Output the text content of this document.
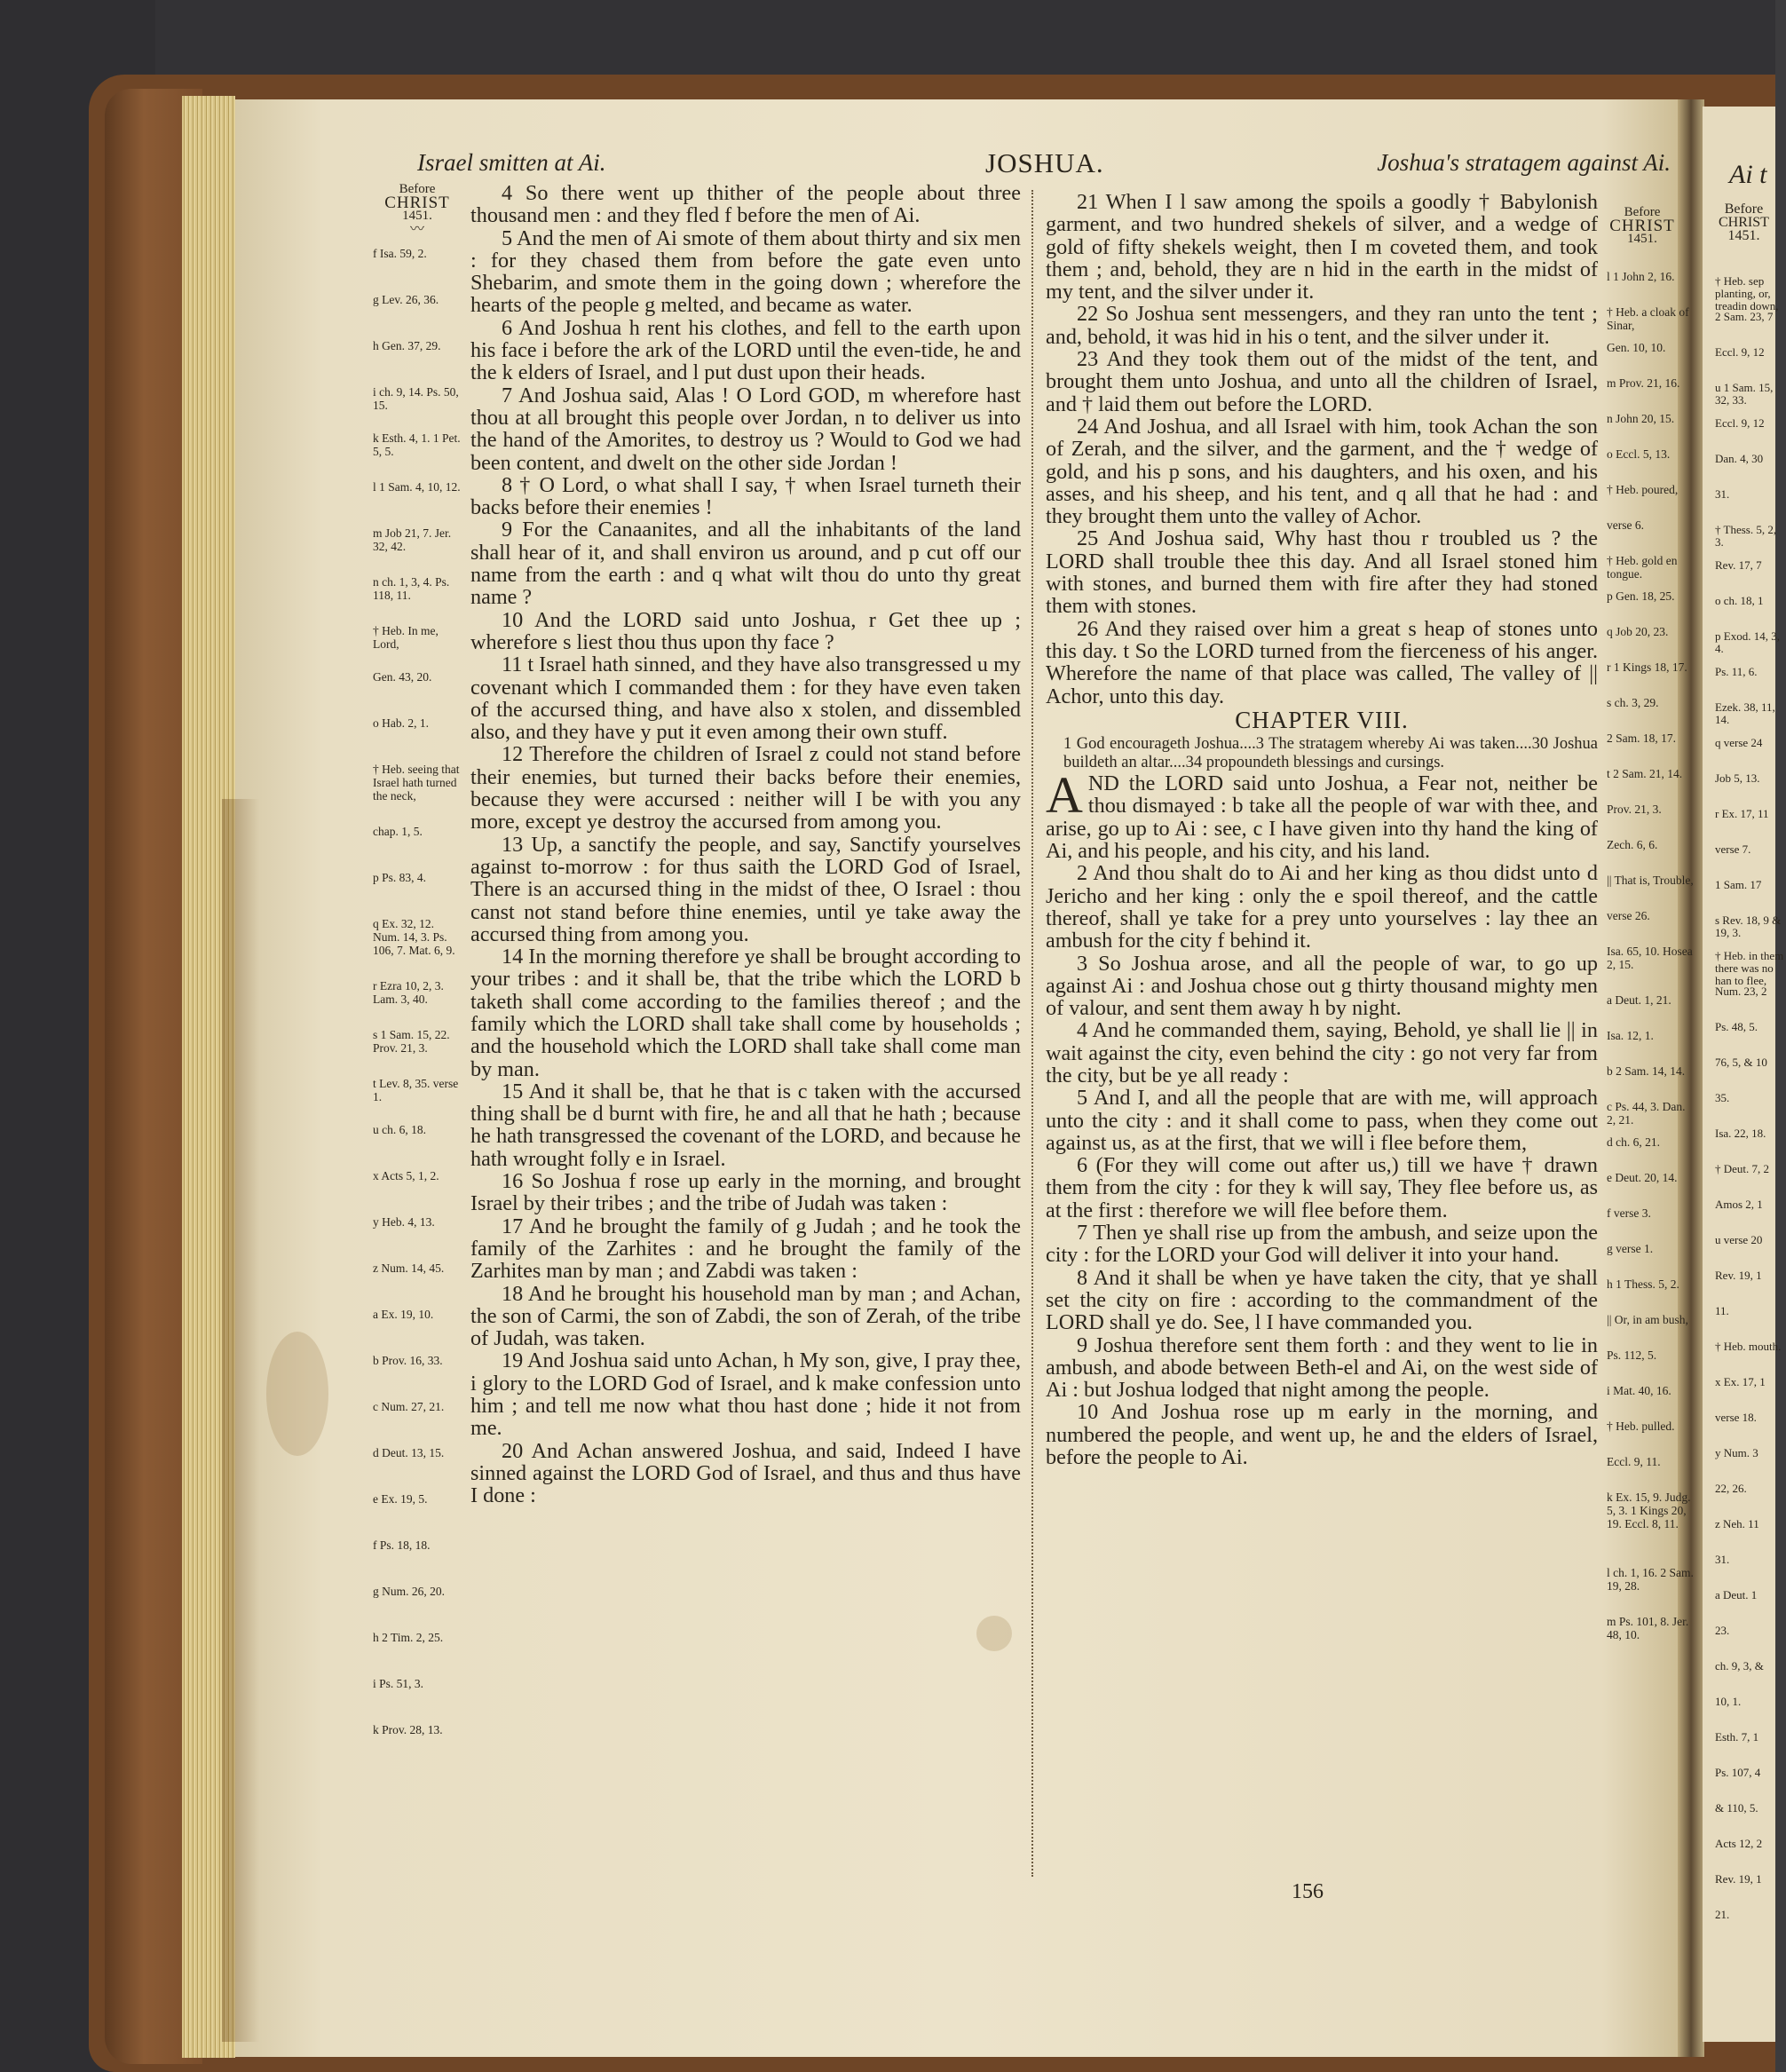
Israel smitten at Ai.	JOSHUA.	Joshua's stratagem against Ai.
Before
CHRIST
1451.
〰
f Isa. 59, 2.
g Lev. 26, 36.
h Gen. 37, 29.
i ch. 9, 14. Ps. 50, 15.
k Esth. 4, 1. 1 Pet. 5, 5.
l 1 Sam. 4, 10, 12.
m Job 21, 7. Jer. 32, 42.
n ch. 1, 3, 4. Ps. 118, 11.
† Heb. In me, Lord,
Gen. 43, 20.
o Hab. 2, 1.
† Heb. seeing that Israel hath turned the neck,
chap. 1, 5.
p Ps. 83, 4.
q Ex. 32, 12. Num. 14, 3. Ps. 106, 7. Mat. 6, 9.
r Ezra 10, 2, 3. Lam. 3, 40.
s 1 Sam. 15, 22. Prov. 21, 3.
t Lev. 8, 35. verse 1.
u ch. 6, 18.
x Acts 5, 1, 2.
y Heb. 4, 13.
z Num. 14, 45.
a Ex. 19, 10.
b Prov. 16, 33.
c Num. 27, 21.
d Deut. 13, 15.
e Ex. 19, 5.
f Ps. 18, 18.
g Num. 26, 20.
h 2 Tim. 2, 25.
i Ps. 51, 3.
k Prov. 28, 13.
Before
CHRIST
1451.
l 1 John 2, 16.
† Heb. a cloak of Sinar,
Gen. 10, 10.
m Prov. 21, 16.
n John 20, 15.
o Eccl. 5, 13.
† Heb. poured,
verse 6.
† Heb. gold en tongue.
p Gen. 18, 25.
q Job 20, 23.
r 1 Kings 18, 17.
s ch. 3, 29.
2 Sam. 18, 17.
t 2 Sam. 21, 14.
Prov. 21, 3.
Zech. 6, 6.
|| That is, Trouble,
verse 26.
Isa. 65, 10. Hosea 2, 15.
a Deut. 1, 21.
Isa. 12, 1.
b 2 Sam. 14, 14.
c Ps. 44, 3. Dan. 2, 21.
d ch. 6, 21.
e Deut. 20, 14.
f verse 3.
g verse 1.
h 1 Thess. 5, 2.
|| Or, in am bush,
Ps. 112, 5.
i Mat. 40, 16.
† Heb. pulled.
Eccl. 9, 11.
k Ex. 15, 9. Judg. 5, 3. 1 Kings 20, 19. Eccl. 8, 11.
l ch. 1, 16. 2 Sam. 19, 28.
m Ps. 101, 8. Jer. 48, 10.

4 So there went up thither of the people about three thousand men : and they fled f before the men of Ai.

5 And the men of Ai smote of them about thirty and six men : for they chased them from before the gate even unto Shebarim, and smote them in the going down ; wherefore the hearts of the people g melted, and became as water.

6 And Joshua h rent his clothes, and fell to the earth upon his face i before the ark of the LORD until the even-tide, he and the k elders of Israel, and l put dust upon their heads.

7 And Joshua said, Alas ! O Lord GOD, m wherefore hast thou at all brought this people over Jordan, n to deliver us into the hand of the Amorites, to destroy us ? Would to God we had been content, and dwelt on the other side Jordan !

8 † O Lord, o what shall I say, † when Israel turneth their backs before their enemies !

9 For the Canaanites, and all the inhabitants of the land shall hear of it, and shall environ us around, and p cut off our name from the earth : and q what wilt thou do unto thy great name ?

10 And the LORD said unto Joshua, r Get thee up ; wherefore s liest thou thus upon thy face ?

11 t Israel hath sinned, and they have also transgressed u my covenant which I commanded them : for they have even taken of the accursed thing, and have also x stolen, and dissembled also, and they have y put it even among their own stuff.

12 Therefore the children of Israel z could not stand before their enemies, but turned their backs before their enemies, because they were accursed : neither will I be with you any more, except ye destroy the accursed from among you.

13 Up, a sanctify the people, and say, Sanctify yourselves against to-morrow : for thus saith the LORD God of Israel, There is an accursed thing in the midst of thee, O Israel : thou canst not stand before thine enemies, until ye take away the accursed thing from among you.

14 In the morning therefore ye shall be brought according to your tribes : and it shall be, that the tribe which the LORD b taketh shall come according to the families thereof ; and the family which the LORD shall take shall come by households ; and the household which the LORD shall take shall come man by man.

15 And it shall be, that he that is c taken with the accursed thing shall be d burnt with fire, he and all that he hath ; because he hath transgressed the covenant of the LORD, and because he hath wrought folly e in Israel.

16 So Joshua f rose up early in the morning, and brought Israel by their tribes ; and the tribe of Judah was taken :

17 And he brought the family of g Judah ; and he took the family of the Zarhites : and he brought the family of the Zarhites man by man ; and Zabdi was taken :

18 And he brought his household man by man ; and Achan, the son of Carmi, the son of Zabdi, the son of Zerah, of the tribe of Judah, was taken.

19 And Joshua said unto Achan, h My son, give, I pray thee, i glory to the LORD God of Israel, and k make confession unto him ; and tell me now what thou hast done ; hide it not from me.

20 And Achan answered Joshua, and said, Indeed I have sinned against the LORD God of Israel, and thus and thus have I done :

21 When I l saw among the spoils a goodly † Babylonish garment, and two hundred shekels of silver, and a wedge of gold of fifty shekels weight, then I m coveted them, and took them ; and, behold, they are n hid in the earth in the midst of my tent, and the silver under it.

22 So Joshua sent messengers, and they ran unto the tent ; and, behold, it was hid in his o tent, and the silver under it.

23 And they took them out of the midst of the tent, and brought them unto Joshua, and unto all the children of Israel, and † laid them out before the LORD.

24 And Joshua, and all Israel with him, took Achan the son of Zerah, and the silver, and the garment, and the † wedge of gold, and his p sons, and his daughters, and his oxen, and his asses, and his sheep, and his tent, and q all that he had : and they brought them unto the valley of Achor.

25 And Joshua said, Why hast thou r troubled us ? the LORD shall trouble thee this day. And all Israel stoned him with stones, and burned them with fire after they had stoned them with stones.

26 And they raised over him a great s heap of stones unto this day. t So the LORD turned from the fierceness of his anger. Wherefore the name of that place was called, The valley of || Achor, unto this day.

CHAPTER VIII.

1 God encourageth Joshua....3 The stratagem whereby Ai was taken....30 Joshua buildeth an altar....34 propoundeth blessings and cursings.

AND the LORD said unto Joshua, a Fear not, neither be thou dismayed : b take all the people of war with thee, and arise, go up to Ai : see, c I have given into thy hand the king of Ai, and his people, and his city, and his land.

2 And thou shalt do to Ai and her king as thou didst unto d Jericho and her king : only the e spoil thereof, and the cattle thereof, shall ye take for a prey unto yourselves : lay thee an ambush for the city f behind it.

3 So Joshua arose, and all the people of war, to go up against Ai : and Joshua chose out g thirty thousand mighty men of valour, and sent them away h by night.

4 And he commanded them, saying, Behold, ye shall lie || in wait against the city, even behind the city : go not very far from the city, but be ye all ready :

5 And I, and all the people that are with me, will approach unto the city : and it shall come to pass, when they come out against us, as at the first, that we will i flee before them,

6 (For they will come out after us,) till we have † drawn them from the city : for they k will say, They flee before us, as at the first : therefore we will flee before them.

7 Then ye shall rise up from the ambush, and seize upon the city : for the LORD your God will deliver it into your hand.

8 And it shall be when ye have taken the city, that ye shall set the city on fire : according to the commandment of the LORD shall ye do. See, l I have commanded you.

9 Joshua therefore sent them forth : and they went to lie in ambush, and abode between Beth-el and Ai, on the west side of Ai : but Joshua lodged that night among the people.

10 And Joshua rose up m early in the morning, and numbered the people, and went up, he and the elders of Israel, before the people to Ai.

156
Ai t
Before
CHRIST
1451.
† Heb. sep planting, or, treadin down,
2 Sam. 23, 7
Eccl. 9, 12
u 1 Sam. 15, 32, 33.
Eccl. 9, 12
Dan. 4, 30
31.
† Thess. 5, 2, 3.
Rev. 17, 7
o ch. 18, 1
p Exod. 14, 3, 4.
Ps. 11, 6.
Ezek. 38, 11, 14.
q verse 24
Job 5, 13.
r Ex. 17, 11
verse 7.
1 Sam. 17
s Rev. 18, 9 & 19, 3.
† Heb. in them there was no han to flee,
Num. 23, 2
Ps. 48, 5.
76, 5, & 10
35.
Isa. 22, 18.
† Deut. 7, 2
Amos 2, 1
u verse 20
Rev. 19, 1
11.
† Heb. mouth.
x Ex. 17, 1
verse 18.
y Num. 3
22, 26.
z Neh. 11
31.
a Deut. 1
23.
ch. 9, 3, &
10, 1.
Esth. 7, 1
Ps. 107, 4
& 110, 5.
Acts 12, 2
Rev. 19, 1
21.
